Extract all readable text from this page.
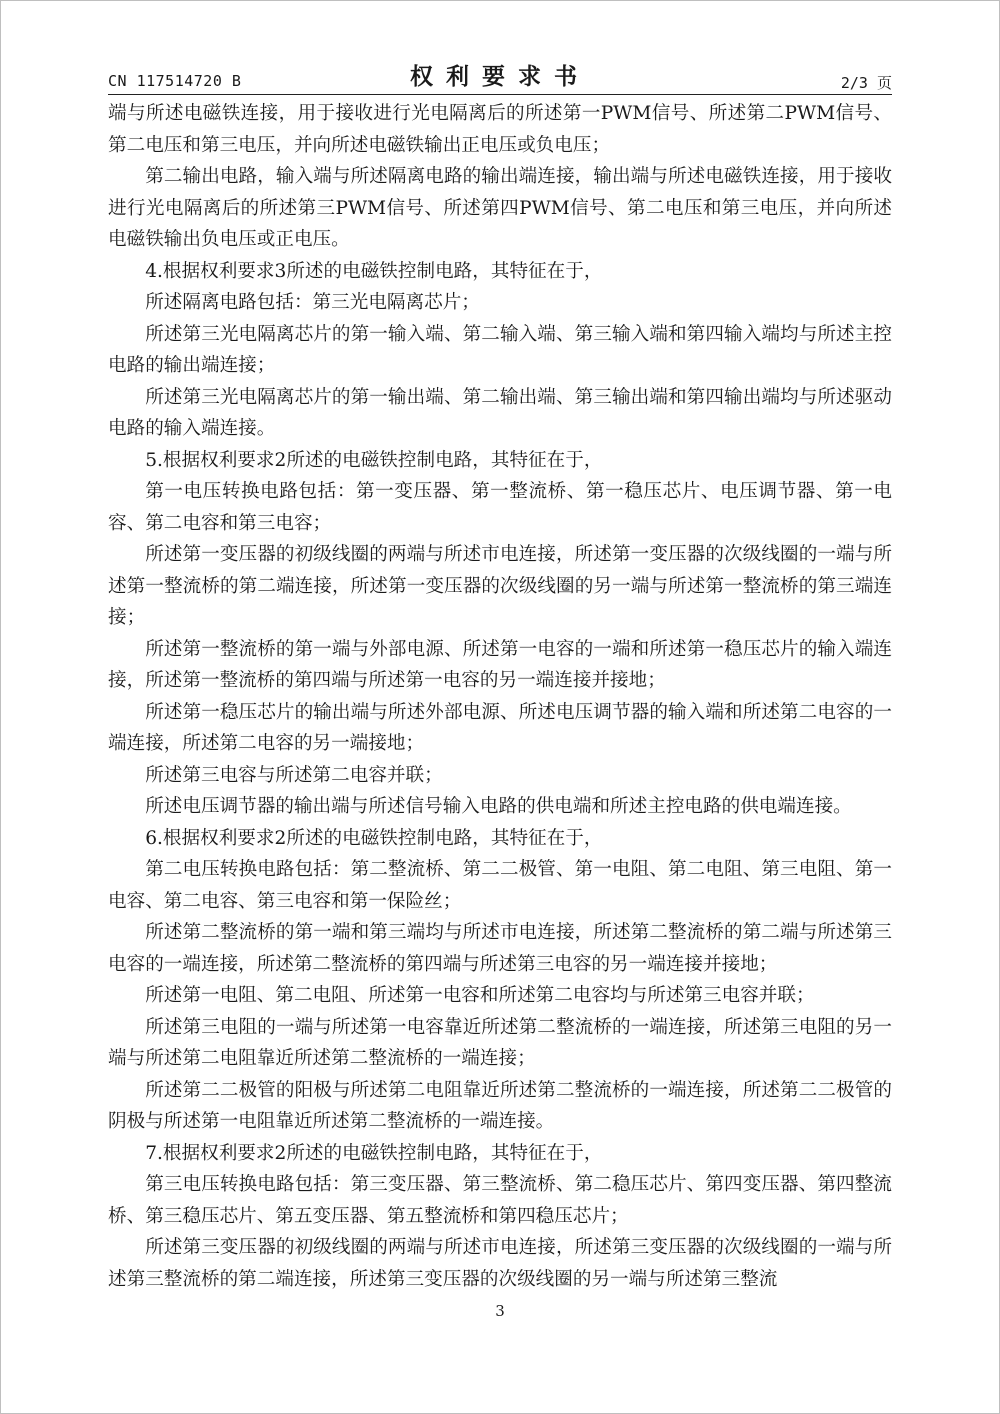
CN 117514720 B	权利要求书	2/3 页

端与所述电磁铁连接，用于接收进行光电隔离后的所述第一PWM信号、所述第二PWM信号、第二电压和第三电压，并向所述电磁铁输出正电压或负电压；

第二输出电路，输入端与所述隔离电路的输出端连接，输出端与所述电磁铁连接，用于接收进行光电隔离后的所述第三PWM信号、所述第四PWM信号、第二电压和第三电压，并向所述电磁铁输出负电压或正电压。

4.根据权利要求3所述的电磁铁控制电路，其特征在于，

所述隔离电路包括：第三光电隔离芯片；

所述第三光电隔离芯片的第一输入端、第二输入端、第三输入端和第四输入端均与所述主控电路的输出端连接；

所述第三光电隔离芯片的第一输出端、第二输出端、第三输出端和第四输出端均与所述驱动电路的输入端连接。

5.根据权利要求2所述的电磁铁控制电路，其特征在于，

第一电压转换电路包括：第一变压器、第一整流桥、第一稳压芯片、电压调节器、第一电容、第二电容和第三电容；

所述第一变压器的初级线圈的两端与所述市电连接，所述第一变压器的次级线圈的一端与所述第一整流桥的第二端连接，所述第一变压器的次级线圈的另一端与所述第一整流桥的第三端连接；

所述第一整流桥的第一端与外部电源、所述第一电容的一端和所述第一稳压芯片的输入端连接，所述第一整流桥的第四端与所述第一电容的另一端连接并接地；

所述第一稳压芯片的输出端与所述外部电源、所述电压调节器的输入端和所述第二电容的一端连接，所述第二电容的另一端接地；

所述第三电容与所述第二电容并联；

所述电压调节器的输出端与所述信号输入电路的供电端和所述主控电路的供电端连接。

6.根据权利要求2所述的电磁铁控制电路，其特征在于，

第二电压转换电路包括：第二整流桥、第二二极管、第一电阻、第二电阻、第三电阻、第一电容、第二电容、第三电容和第一保险丝；

所述第二整流桥的第一端和第三端均与所述市电连接，所述第二整流桥的第二端与所述第三电容的一端连接，所述第二整流桥的第四端与所述第三电容的另一端连接并接地；

所述第一电阻、第二电阻、所述第一电容和所述第二电容均与所述第三电容并联；

所述第三电阻的一端与所述第一电容靠近所述第二整流桥的一端连接，所述第三电阻的另一端与所述第二电阻靠近所述第二整流桥的一端连接；

所述第二二极管的阳极与所述第二电阻靠近所述第二整流桥的一端连接，所述第二二极管的阴极与所述第一电阻靠近所述第二整流桥的一端连接。

7.根据权利要求2所述的电磁铁控制电路，其特征在于，

第三电压转换电路包括：第三变压器、第三整流桥、第二稳压芯片、第四变压器、第四整流桥、第三稳压芯片、第五变压器、第五整流桥和第四稳压芯片；

所述第三变压器的初级线圈的两端与所述市电连接，所述第三变压器的次级线圈的一端与所述第三整流桥的第二端连接，所述第三变压器的次级线圈的另一端与所述第三整流

3
